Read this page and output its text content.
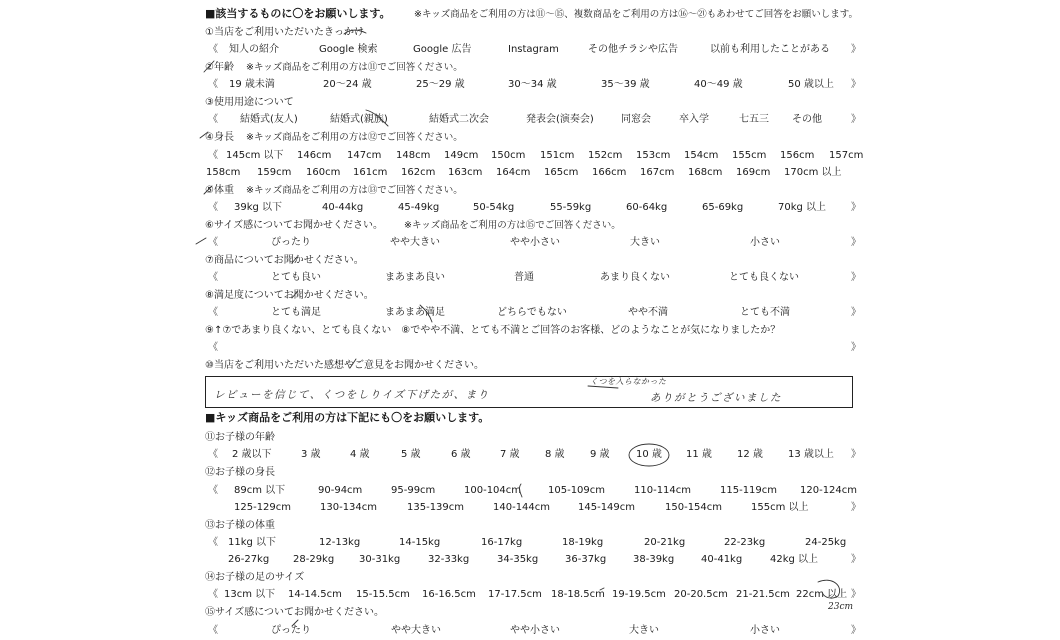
■該当するものに〇をお願いします。 ※キッズ商品をご利用の方は⑪〜⑮、複数商品をご利用の方は⑯〜㉑もあわせてご回答をお願いします。
①当店をご利用いただいたきっかけ
《 知人の紹介	Google 検索	Google 広告	Instagram	その他チラシや広告	以前も利用したことがある 》
②年齢 ※キッズ商品をご利用の方は⑪でご回答ください。
《 19 歳未満	20〜24 歳	25〜29 歳	30〜34 歳	35〜39 歳	40〜49 歳	50 歳以上 》
③使用用途について
《 結婚式(友人)	結婚式(親族)	結婚式二次会	発表会(演奏会)	同窓会	卒入学	七五三 その他	》
④身長 ※キッズ商品をご利用の方は⑫でご回答ください。
《 145cm 以下 146cm 147cm 148cm 149cm 150cm 151cm 152cm 153cm 154cm 155cm 156cm 157cm
158cm 159cm 160cm 161cm 162cm 163cm 164cm 165cm 166cm 167cm 168cm 169cm 170cm 以上
⑤体重 ※キッズ商品をご利用の方は⑬でご回答ください。
《 39kg 以下	40-44kg	45-49kg	50-54kg	55-59kg	60-64kg	65-69kg	70kg 以上 》
⑥サイズ感についてお聞かせください。 ※キッズ商品をご利用の方は⑮でご回答ください。
《	ぴったり	やや大きい	やや小さい	大きい	小さい	》
⑦商品についてお聞かせください。
《	とても良い	まあまあ良い	普通	あまり良くない	とても良くない	》
⑧満足度についてお聞かせください。
《	とても満足	まあまあ満足	どちらでもない	やや不満	とても不満	》
⑨↑⑦であまり良くない、とても良くない　⑧でやや不満、とても不満とご回答のお客様、どのようなことが気になりましたか？
《	》
⑩当店をご利用いただいた感想やご意見をお聞かせください。
レビューを信じて、くつをしりイズ下げたが、まり
くつを入らなかった
ありがとうございました
■キッズ商品をご利用の方は下記にも〇をお願いします。
⑪お子様の年齢
《 2 歳以下	3 歳	4 歳	5 歳	6 歳	7 歳	8 歳	9 歳	10 歳 11 歳	12 歳	13 歳以上 》
⑫お子様の身長
《 89cm 以下	90-94cm	95-99cm	100-104cm	105-109cm	110-114cm	115-119cm 120-124cm
125-129cm	130-134cm	135-139cm	140-144cm	145-149cm	150-154cm	155cm 以上	》
⑬お子様の体重
《 11kg 以下	12-13kg	14-15kg	16-17kg	18-19kg	20-21kg	22-23kg	24-25kg
26-27kg 28-29kg 30-31kg	32-33kg	34-35kg	36-37kg	38-39kg	40-41kg	42kg 以上	》
⑭お子様の足のサイズ
《 13cm 以下 14-14.5cm 15-15.5cm 16-16.5cm 17-17.5cm 18-18.5cm 19-19.5cm 20-20.5cm 21-21.5cm 22cm 以上 》
23cm
⑮サイズ感についてお聞かせください。
《	ぴったり	やや大きい	やや小さい	大きい	小さい	》
